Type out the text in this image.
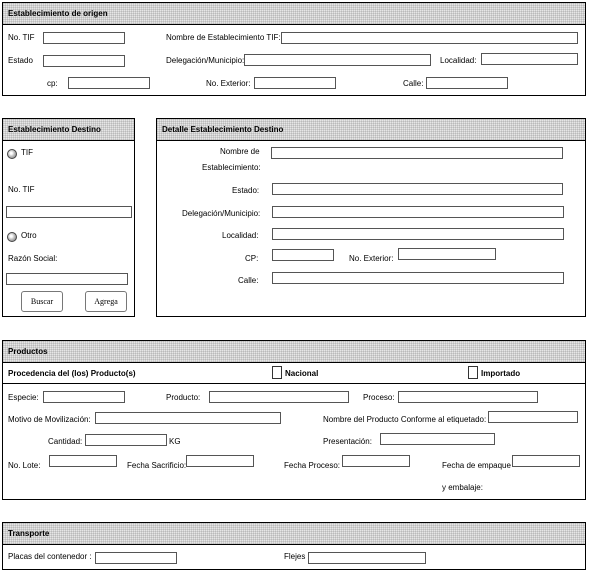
Establecimiento de origen
No. TIF	Nombre de Establecimiento TIF:
Estado	Delegación/Municipio:	Localidad:
cp:	No. Exterior:	Calle:
Establecimiento Destino
TIF
No. TIF
Otro
Razón Social:
Buscar	Agrega
Detalle Establecimiento Destino
Nombre de
Establecimiento:
Estado:
Delegación/Municipio:
Localidad:
CP:	No. Exterior:
Calle:
Productos
Procedencia del (los) Producto(s)	Nacional	Importado
Especie:	Producto:	Proceso:
Motivo de Movilización:	Nombre del Producto Conforme al etiquetado:
Cantidad:	KG	Presentación:
No. Lote:	Fecha Sacrificio:	Fecha Proceso:	Fecha de empaque
y embalaje:
Transporte
Placas del contenedor :	Flejes
